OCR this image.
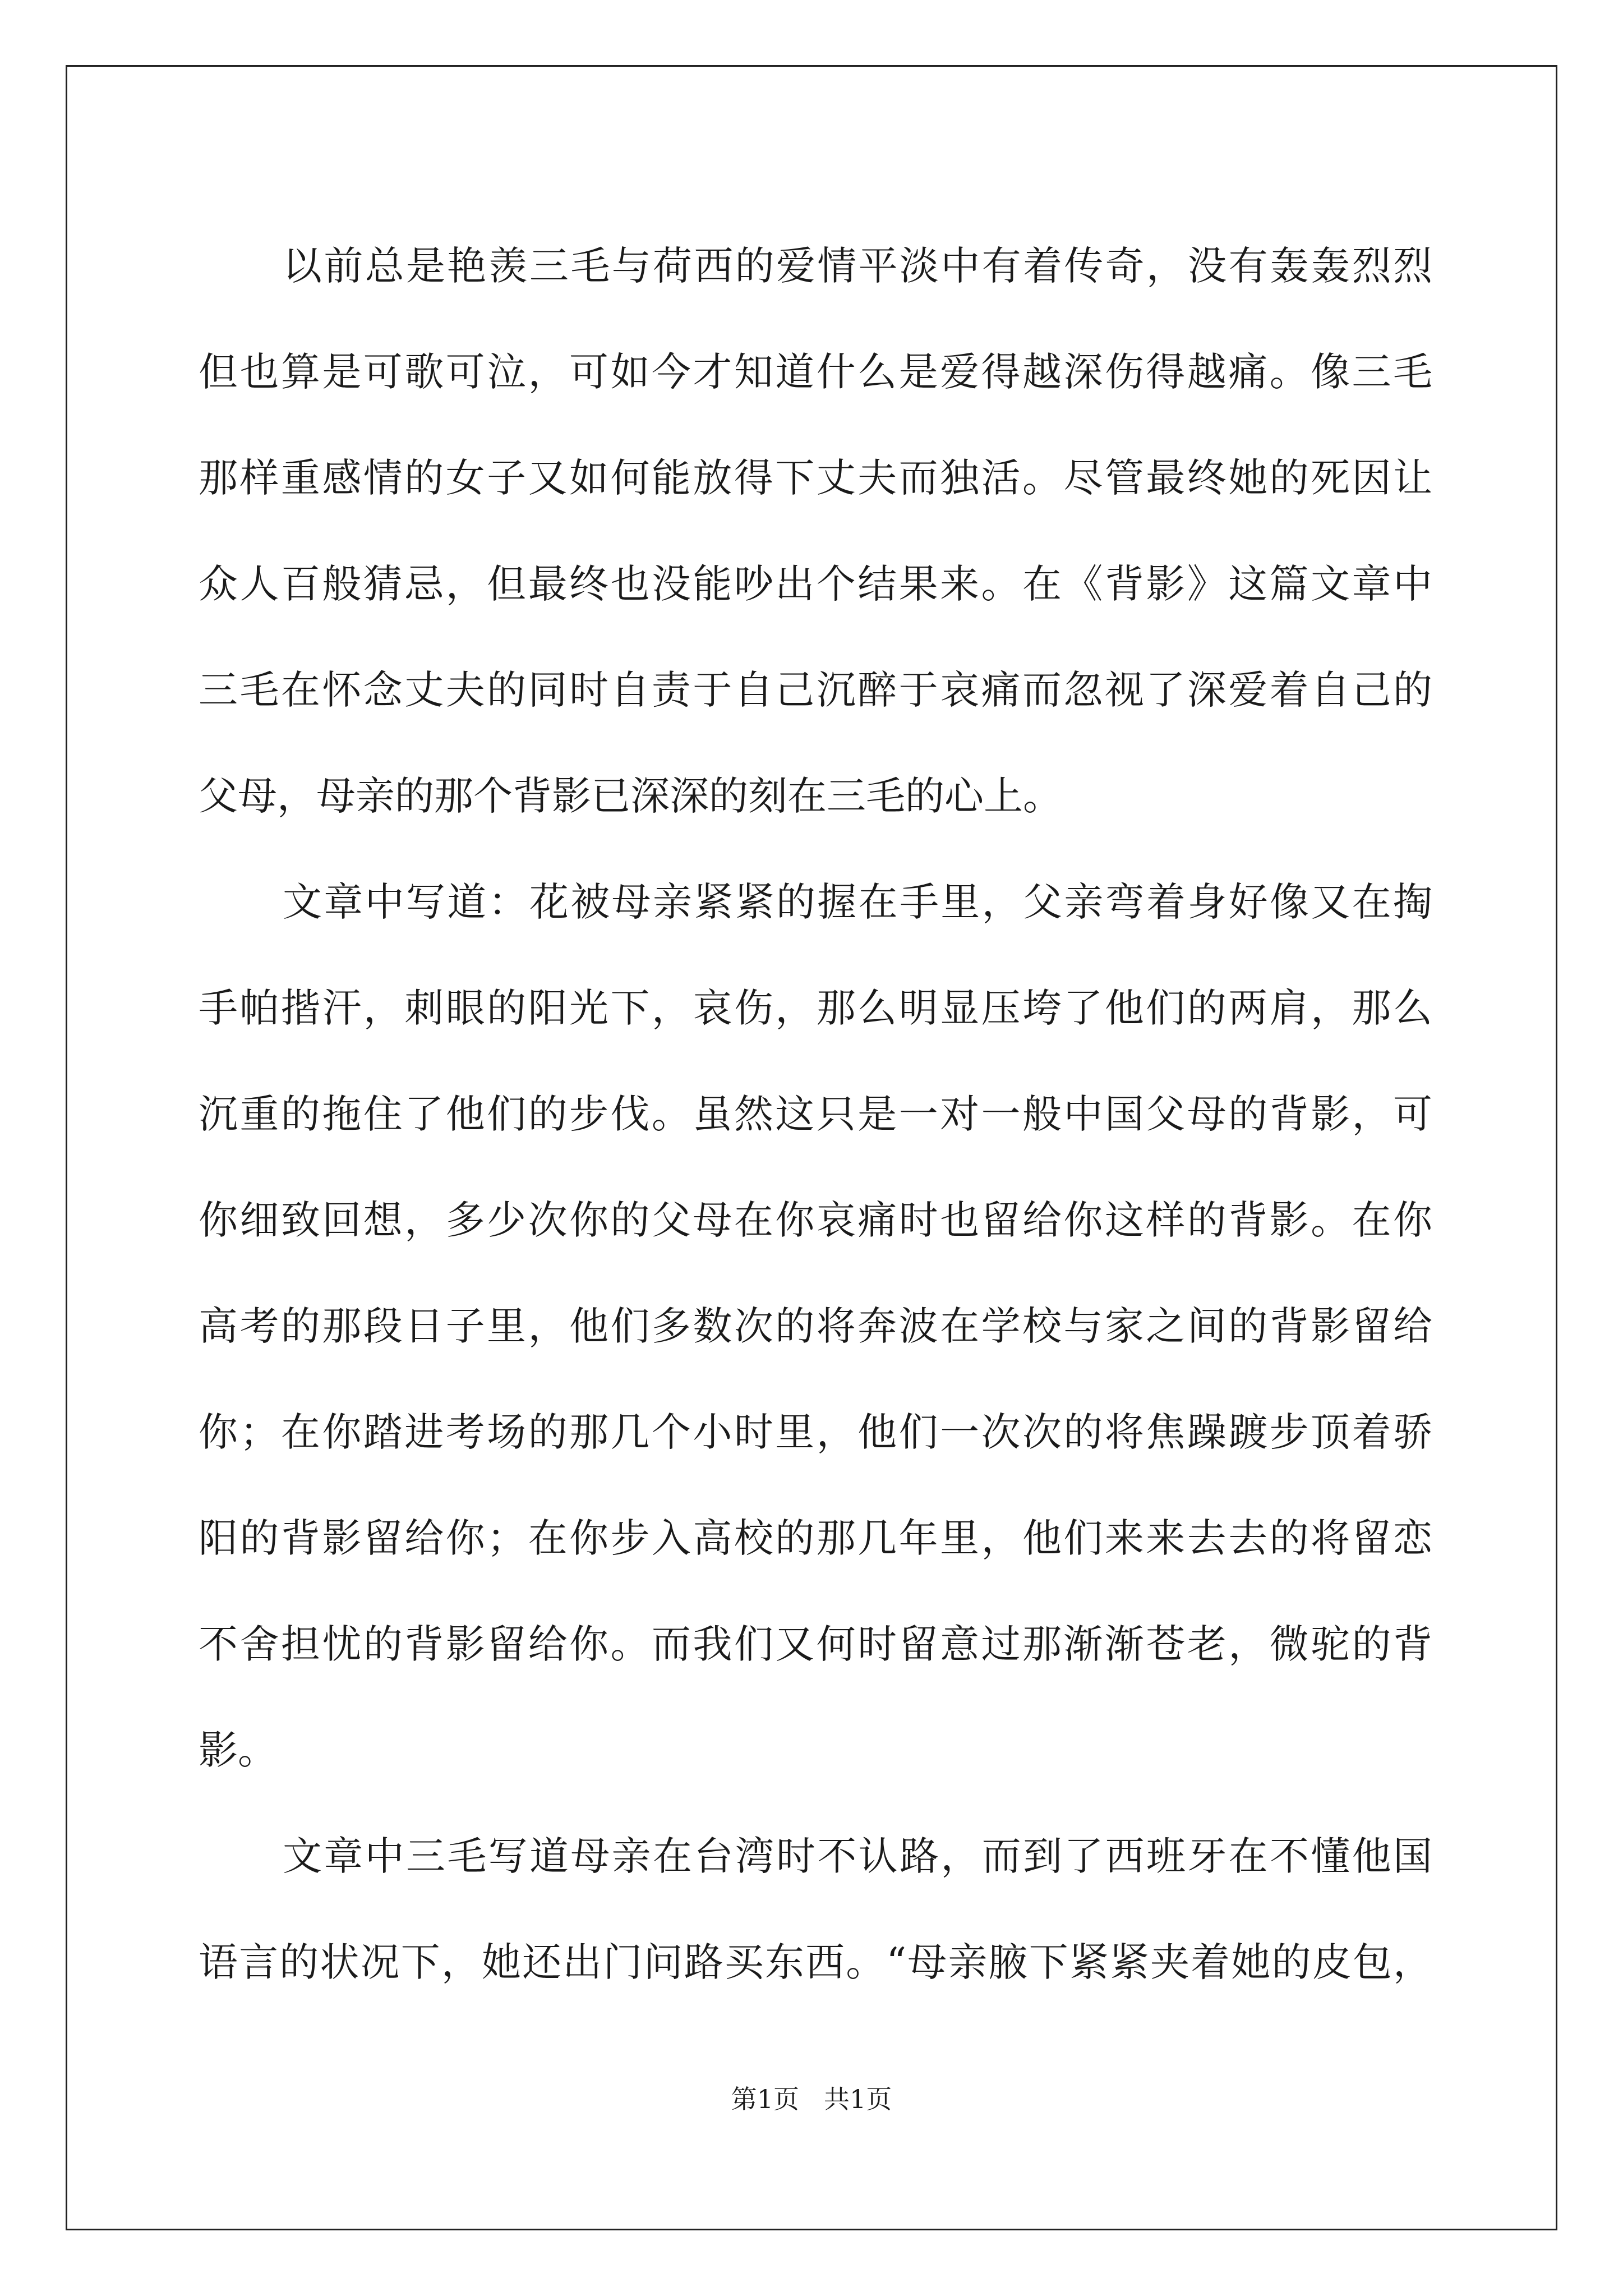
以前总是艳羡三毛与荷西的爱情平淡中有着传奇，没有轰轰烈烈
但也算是可歌可泣，可如今才知道什么是爱得越深伤得越痛。像三毛
那样重感情的女子又如何能放得下丈夫而独活。尽管最终她的死因让
众人百般猜忌，但最终也没能吵出个结果来。在《背影》这篇文章中
三毛在怀念丈夫的同时自责于自己沉醉于哀痛而忽视了深爱着自己的
父母，母亲的那个背影已深深的刻在三毛的心上。
文章中写道：花被母亲紧紧的握在手里，父亲弯着身好像又在掏
手帕揩汗，刺眼的阳光下，哀伤，那么明显压垮了他们的两肩，那么
沉重的拖住了他们的步伐。虽然这只是一对一般中国父母的背影，可
你细致回想，多少次你的父母在你哀痛时也留给你这样的背影。在你
高考的那段日子里，他们多数次的将奔波在学校与家之间的背影留给
你；在你踏进考场的那几个小时里，他们一次次的将焦躁踱步顶着骄
阳的背影留给你；在你步入高校的那几年里，他们来来去去的将留恋
不舍担忧的背影留给你。而我们又何时留意过那渐渐苍老，微驼的背
影。
文章中三毛写道母亲在台湾时不认路，而到了西班牙在不懂他国
语言的状况下，她还出门问路买东西。“母亲腋下紧紧夹着她的皮包，
第1页 共1页
